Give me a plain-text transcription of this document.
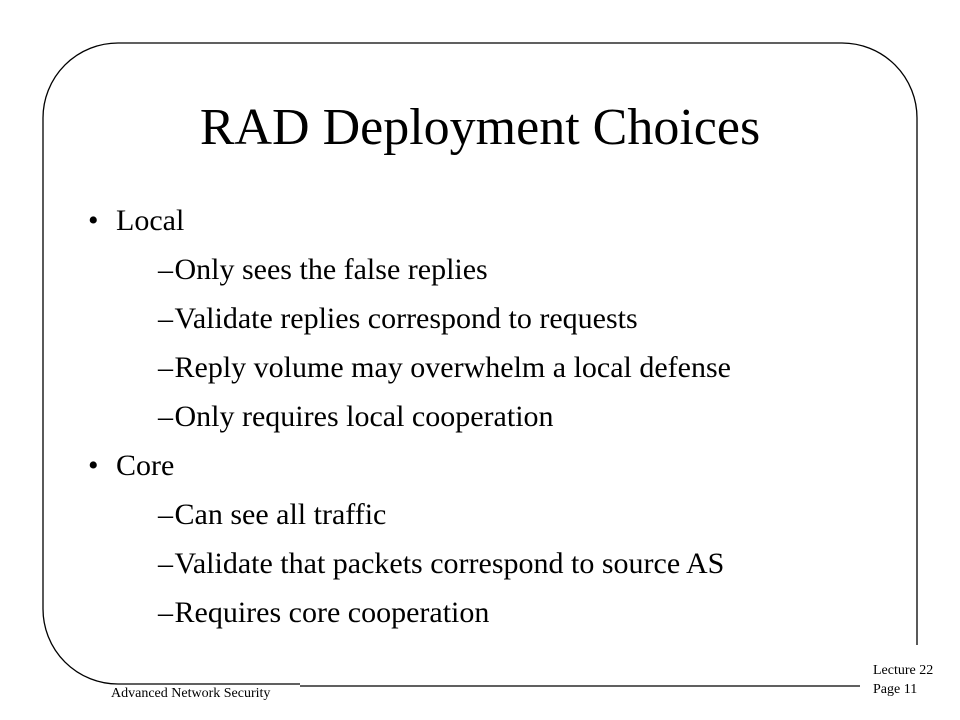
RAD Deployment Choices
• Local
–Only sees the false replies
–Validate replies correspond to requests
–Reply volume may overwhelm a local defense
–Only requires local cooperation
• Core
–Can see all traffic
–Validate that packets correspond to source AS
–Requires core cooperation
Advanced Network Security
Lecture 22
Page 11
